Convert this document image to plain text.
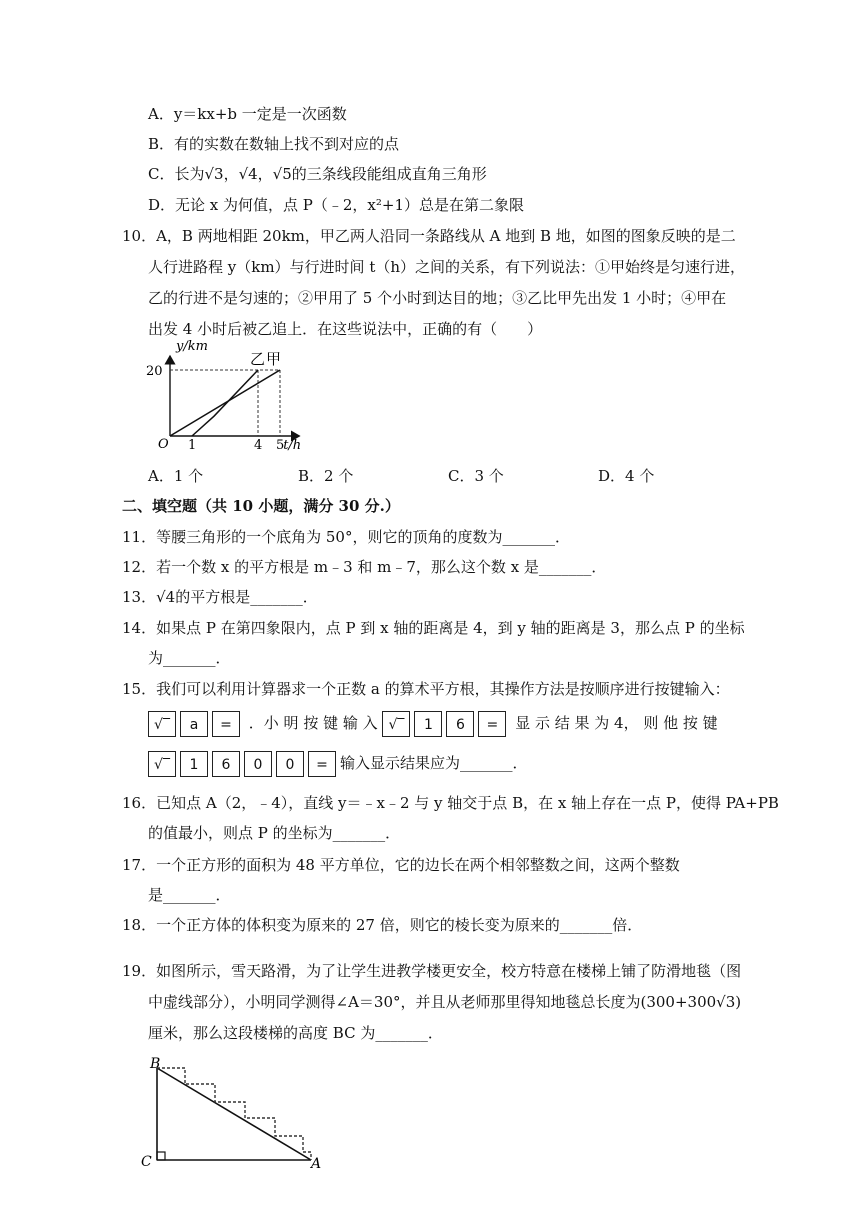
A．y＝kx+b 一定是一次函数
B．有的实数在数轴上找不到对应的点
C．长为√3，√4，√5的三条线段能组成直角三角形
D．无论 x 为何值，点 P（﹣2，x²+1）总是在第二象限
10．A，B 两地相距 20km，甲乙两人沿同一条路线从 A 地到 B 地，如图的图象反映的是二
人行进路程 y（km）与行进时间 t（h）之间的关系，有下列说法：①甲始终是匀速行进，
乙的行进不是匀速的；②甲用了 5 个小时到达目的地；③乙比甲先出发 1 小时；④甲在
出发 4 小时后被乙追上．在这些说法中，正确的有（　　）
y/km
t/h
O
20
1	4 5
乙 甲
A．1 个	B．2 个	C．3 个	D．4 个
二、填空题（共 10 小题，满分 30 分.）
11．等腰三角形的一个底角为 50°，则它的顶角的度数为_______．
12．若一个数 x 的平方根是 m﹣3 和 m﹣7，那么这个数 x 是_______．
13．√4的平方根是_______．
14．如果点 P 在第四象限内，点 P 到 x 轴的距离是 4，到 y 轴的距离是 3，那么点 P 的坐标
为_______．
15．我们可以利用计算器求一个正数 a 的算术平方根，其操作方法是按顺序进行按键输入：
√‾ a = ．小 明 按 键 输 入 √‾ 1 6 = 显 示 结 果 为 4， 则 他 按 键
√‾ 1 6 0 0 = 输入显示结果应为_______．
16．已知点 A（2，﹣4），直线 y＝﹣x﹣2 与 y 轴交于点 B，在 x 轴上存在一点 P，使得 PA+PB
的值最小，则点 P 的坐标为_______．
17．一个正方形的面积为 48 平方单位，它的边长在两个相邻整数之间，这两个整数
是_______．
18．一个正方体的体积变为原来的 27 倍，则它的棱长变为原来的_______倍．
19．如图所示，雪天路滑，为了让学生进教学楼更安全，校方特意在楼梯上铺了防滑地毯（图
中虚线部分），小明同学测得∠A＝30°，并且从老师那里得知地毯总长度为(300+300√3)
厘米，那么这段楼梯的高度 BC 为_______．
B
C	A
